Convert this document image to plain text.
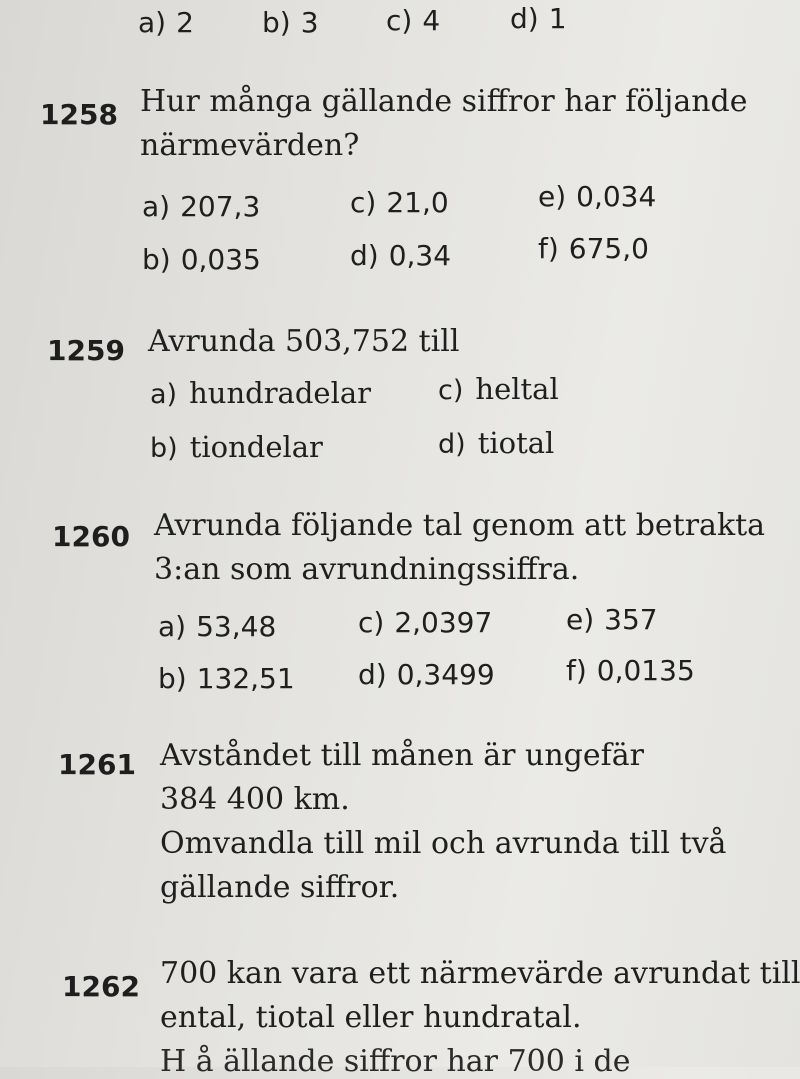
a) 2 b) 3 c) 4 d) 1
1258 Hur många gällande siffror har följande
närmevärden?
a) 207,3	c) 21,0	e) 0,034
b) 0,035	d) 0,34	f) 675,0
1259 Avrunda 503,752 till
a) hundradelar c) heltal
b) tiondelar	d) tiotal
1260 Avrunda följande tal genom att betrakta
3:an som avrundningssiffra.
a) 53,48	c) 2,0397	e) 357
b) 132,51 d) 0,3499	f) 0,0135
1261 Avståndet till månen är ungefär
384 400 km.
Omvandla till mil och avrunda till två
gällande siffror.
1262 700 kan vara ett närmevärde avrundat till
ental, tiotal eller hundratal.
H å ällande siffror har 700 i de
